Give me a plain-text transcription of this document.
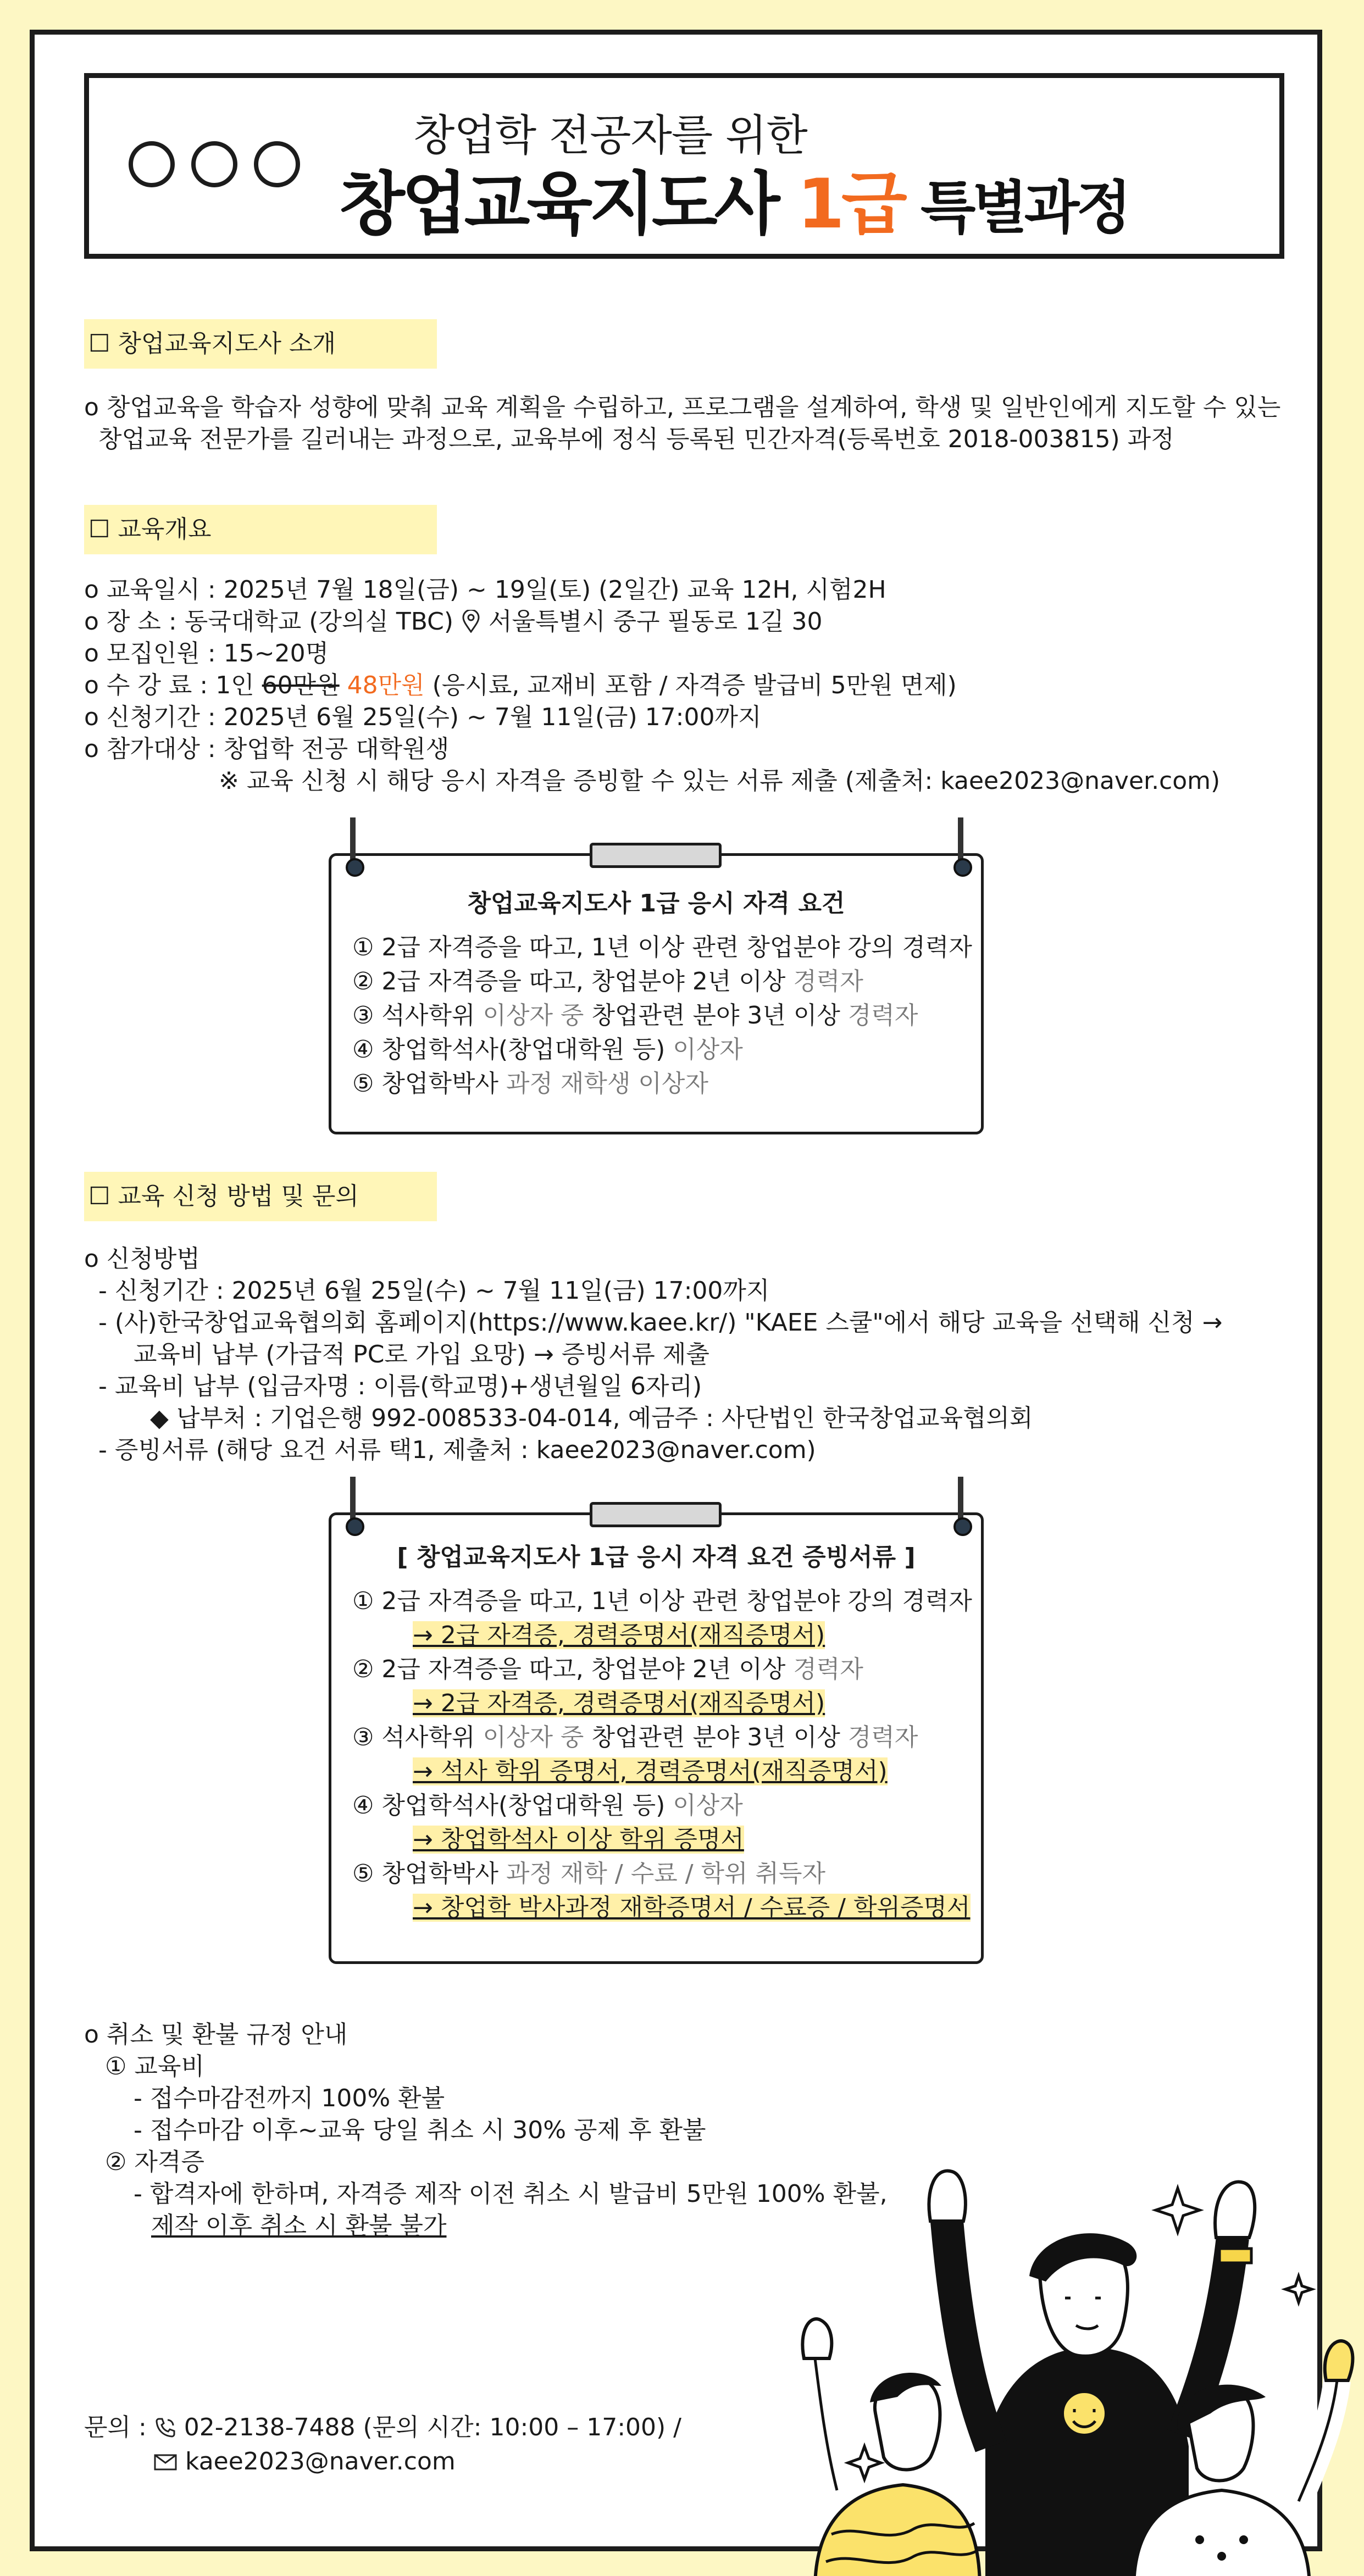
창업학 전공자를 위한
창업교육지도사 1급 특별과정
☐ 창업교육지도사 소개
o 창업교육을 학습자 성향에 맞춰 교육 계획을 수립하고, 프로그램을 설계하여, 학생 및 일반인에게 지도할 수 있는
창업교육 전문가를 길러내는 과정으로, 교육부에 정식 등록된 민간자격(등록번호 2018-003815) 과정
☐ 교육개요
o 교육일시 : 2025년 7월 18일(금) ~ 19일(토) (2일간) 교육 12H, 시험2H
o 장 소 : 동국대학교 (강의실 TBC)  서울특별시 중구 필동로 1길 30
o 모집인원 : 15~20명
o 수 강 료 : 1인 60만원 48만원 (응시료, 교재비 포함 / 자격증 발급비 5만원 면제)
o 신청기간 : 2025년 6월 25일(수) ~ 7월 11일(금) 17:00까지
o 참가대상 : 창업학 전공 대학원생
※ 교육 신청 시 해당 응시 자격을 증빙할 수 있는 서류 제출 (제출처: kaee2023@naver.com)
창업교육지도사 1급 응시 자격 요건
① 2급 자격증을 따고, 1년 이상 관련 창업분야 강의 경력자
② 2급 자격증을 따고, 창업분야 2년 이상 경력자
③ 석사학위 이상자 중 창업관련 분야 3년 이상 경력자
④ 창업학석사(창업대학원 등) 이상자
⑤ 창업학박사 과정 재학생 이상자
☐ 교육 신청 방법 및 문의
o 신청방법
- 신청기간 : 2025년 6월 25일(수) ~ 7월 11일(금) 17:00까지
- (사)한국창업교육협의회 홈페이지(https://www.kaee.kr/) "KAEE 스쿨"에서 해당 교육을 선택해 신청 →
교육비 납부 (가급적 PC로 가입 요망) → 증빙서류 제출
- 교육비 납부 (입금자명 : 이름(학교명)+생년월일 6자리)
◆ 납부처 : 기업은행 992-008533-04-014, 예금주 : 사단법인 한국창업교육협의회
- 증빙서류 (해당 요건 서류 택1, 제출처 : kaee2023@naver.com)
[ 창업교육지도사 1급 응시 자격 요건 증빙서류 ]
① 2급 자격증을 따고, 1년 이상 관련 창업분야 강의 경력자
→ 2급 자격증, 경력증명서(재직증명서)
② 2급 자격증을 따고, 창업분야 2년 이상 경력자
→ 2급 자격증, 경력증명서(재직증명서)
③ 석사학위 이상자 중 창업관련 분야 3년 이상 경력자
→ 석사 학위 증명서, 경력증명서(재직증명서)
④ 창업학석사(창업대학원 등) 이상자
→ 창업학석사 이상 학위 증명서
⑤ 창업학박사 과정 재학 / 수료 / 학위 취득자
→ 창업학 박사과정 재학증명서 / 수료증 / 학위증명서
o 취소 및 환불 규정 안내
① 교육비
- 접수마감전까지 100% 환불
- 접수마감 이후~교육 당일 취소 시 30% 공제 후 환불
② 자격증
- 합격자에 한하며, 자격증 제작 이전 취소 시 발급비 5만원 100% 환불,
제작 이후 취소 시 환불 불가
문의 :  02-2138-7488 (문의 시간: 10:00 – 17:00) /
kaee2023@naver.com
